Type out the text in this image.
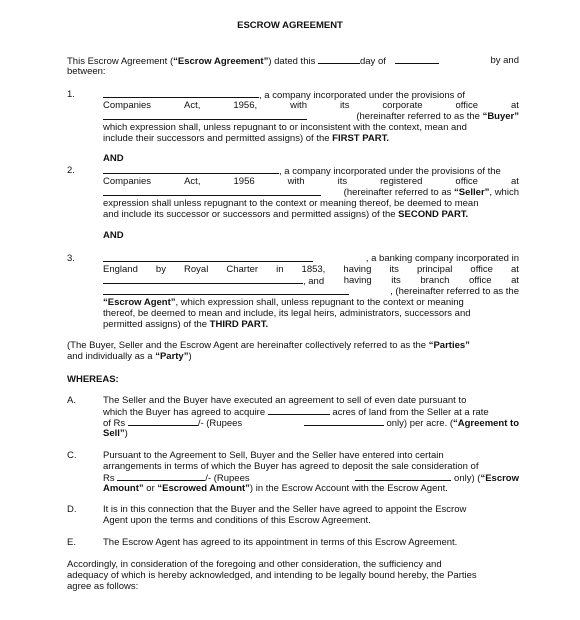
ESCROW AGREEMENT
This Escrow Agreement (“Escrow Agreement”) dated this	day of	by and
between:
1.	, a company incorporated under the provisions of
Companies	Act,	1956,	with	its	corporate	office	at
(hereinafter referred to as the “Buyer”
which expression shall, unless repugnant to or inconsistent with the context, mean and
include their successors and permitted assigns) of the FIRST PART.
AND
2.	, a company incorporated under the provisions of the
Companies	Act,	1956	with	its	registered	office	at
(hereinafter referred to as “Seller”, which
expression shall unless repugnant to the context or meaning thereof, be deemed to mean
and include its successor or successors and permitted assigns) of the SECOND PART.
AND
3.	, a banking company incorporated in
England by Royal Charter in 1853, having its principal office at
, and having its branch office at
, (hereinafter referred to as the
“Escrow Agent”, which expression shall, unless repugnant to the context or meaning
thereof, be deemed to mean and include, its legal heirs, administrators, successors and
permitted assigns) of the THIRD PART.
(The Buyer, Seller and the Escrow Agent are hereinafter collectively referred to as the “Parties”
and individually as a “Party”)
WHEREAS:
A.	The Seller and the Buyer have executed an agreement to sell of even date pursuant to
which the Buyer has agreed to acquire	acres of land from the Seller at a rate
of Rs	/- (Rupees	only) per acre. (“Agreement to
Sell”)
C.	Pursuant to the Agreement to Sell, Buyer and the Seller have entered into certain
arrangements in terms of which the Buyer has agreed to deposit the sale consideration of
Rs	/- (Rupees	only) (“Escrow
Amount” or “Escrowed Amount”) in the Escrow Account with the Escrow Agent.
D.	It is in this connection that the Buyer and the Seller have agreed to appoint the Escrow
Agent upon the terms and conditions of this Escrow Agreement.
E.	The Escrow Agent has agreed to its appointment in terms of this Escrow Agreement.
Accordingly, in consideration of the foregoing and other consideration, the sufficiency and
adequacy of which is hereby acknowledged, and intending to be legally bound hereby, the Parties
agree as follows:
